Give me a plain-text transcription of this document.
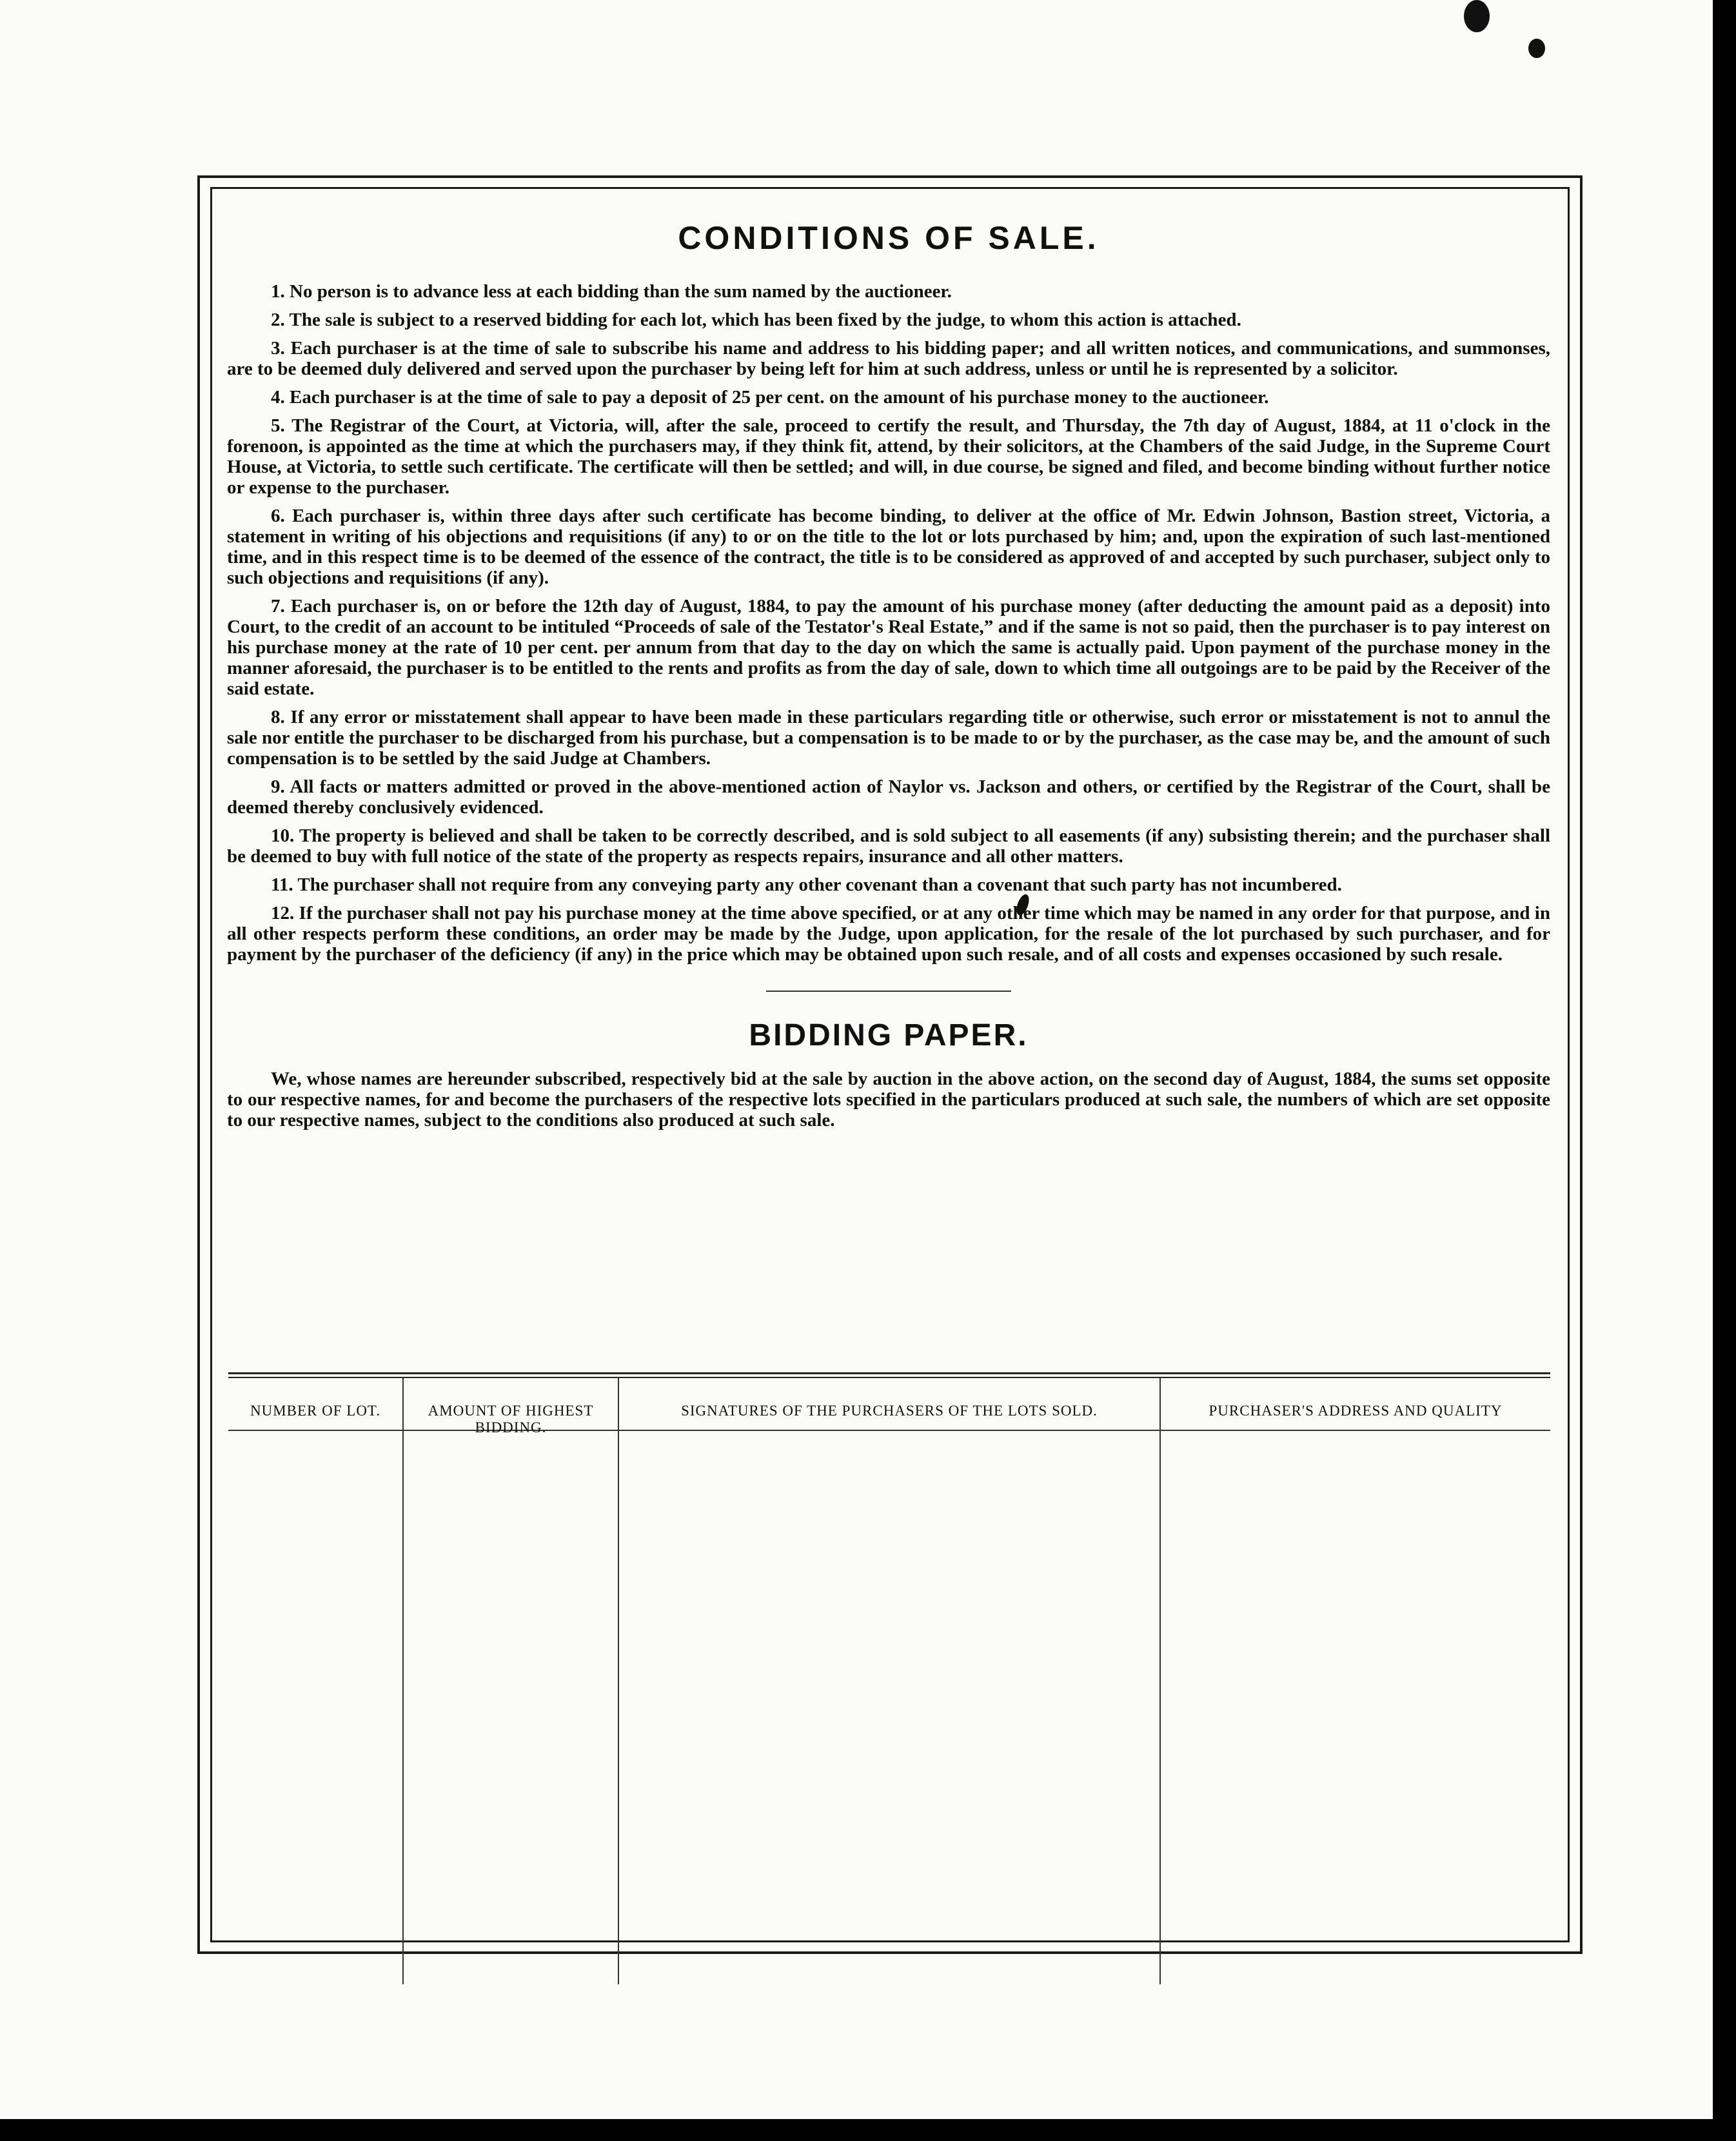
CONDITIONS OF SALE.

1. No person is to advance less at each bidding than the sum named by the auctioneer.

2. The sale is subject to a reserved bidding for each lot, which has been fixed by the judge, to whom this action is attached.

3. Each purchaser is at the time of sale to subscribe his name and address to his bidding paper; and all written notices, and communications, and summonses, are to be deemed duly delivered and served upon the purchaser by being left for him at such address, unless or until he is represented by a solicitor.

4. Each purchaser is at the time of sale to pay a deposit of 25 per cent. on the amount of his purchase money to the auctioneer.

5. The Registrar of the Court, at Victoria, will, after the sale, proceed to certify the result, and Thursday, the 7th day of August, 1884, at 11 o'clock in the forenoon, is appointed as the time at which the purchasers may, if they think fit, attend, by their solicitors, at the Chambers of the said Judge, in the Supreme Court House, at Victoria, to settle such certificate. The certificate will then be settled; and will, in due course, be signed and filed, and become binding without further notice or expense to the purchaser.

6. Each purchaser is, within three days after such certificate has become binding, to deliver at the office of Mr. Edwin Johnson, Bastion street, Victoria, a statement in writing of his objections and requisitions (if any) to or on the title to the lot or lots purchased by him; and, upon the expiration of such last-mentioned time, and in this respect time is to be deemed of the essence of the contract, the title is to be considered as approved of and accepted by such purchaser, subject only to such objections and requisitions (if any).

7. Each purchaser is, on or before the 12th day of August, 1884, to pay the amount of his purchase money (after deducting the amount paid as a deposit) into Court, to the credit of an account to be intituled “Proceeds of sale of the Testator's Real Estate,” and if the same is not so paid, then the purchaser is to pay interest on his purchase money at the rate of 10 per cent. per annum from that day to the day on which the same is actually paid. Upon payment of the purchase money in the manner aforesaid, the purchaser is to be entitled to the rents and profits as from the day of sale, down to which time all outgoings are to be paid by the Receiver of the said estate.

8. If any error or misstatement shall appear to have been made in these particulars regarding title or otherwise, such error or misstatement is not to annul the sale nor entitle the purchaser to be discharged from his purchase, but a compensation is to be made to or by the purchaser, as the case may be, and the amount of such compensation is to be settled by the said Judge at Chambers.

9. All facts or matters admitted or proved in the above-mentioned action of Naylor vs. Jackson and others, or certified by the Registrar of the Court, shall be deemed thereby conclusively evidenced.

10. The property is believed and shall be taken to be correctly described, and is sold subject to all easements (if any) subsisting therein; and the purchaser shall be deemed to buy with full notice of the state of the property as respects repairs, insurance and all other matters.

11. The purchaser shall not require from any conveying party any other covenant than a covenant that such party has not incumbered.

12. If the purchaser shall not pay his purchase money at the time above specified, or at any other time which may be named in any order for that purpose, and in all other respects perform these conditions, an order may be made by the Judge, upon application, for the resale of the lot purchased by such purchaser, and for payment by the purchaser of the deficiency (if any) in the price which may be obtained upon such resale, and of all costs and expenses occasioned by such resale.

BIDDING PAPER.

We, whose names are hereunder subscribed, respectively bid at the sale by auction in the above action, on the second day of August, 1884, the sums set opposite to our respective names, for and become the purchasers of the respective lots specified in the particulars produced at such sale, the numbers of which are set opposite to our respective names, subject to the conditions also produced at such sale.

NUMBER OF LOT.	AMOUNT OF HIGHEST BIDDING.
SIGNATURES OF THE PURCHASERS OF THE LOTS SOLD.	PURCHASER'S ADDRESS AND QUALITY
